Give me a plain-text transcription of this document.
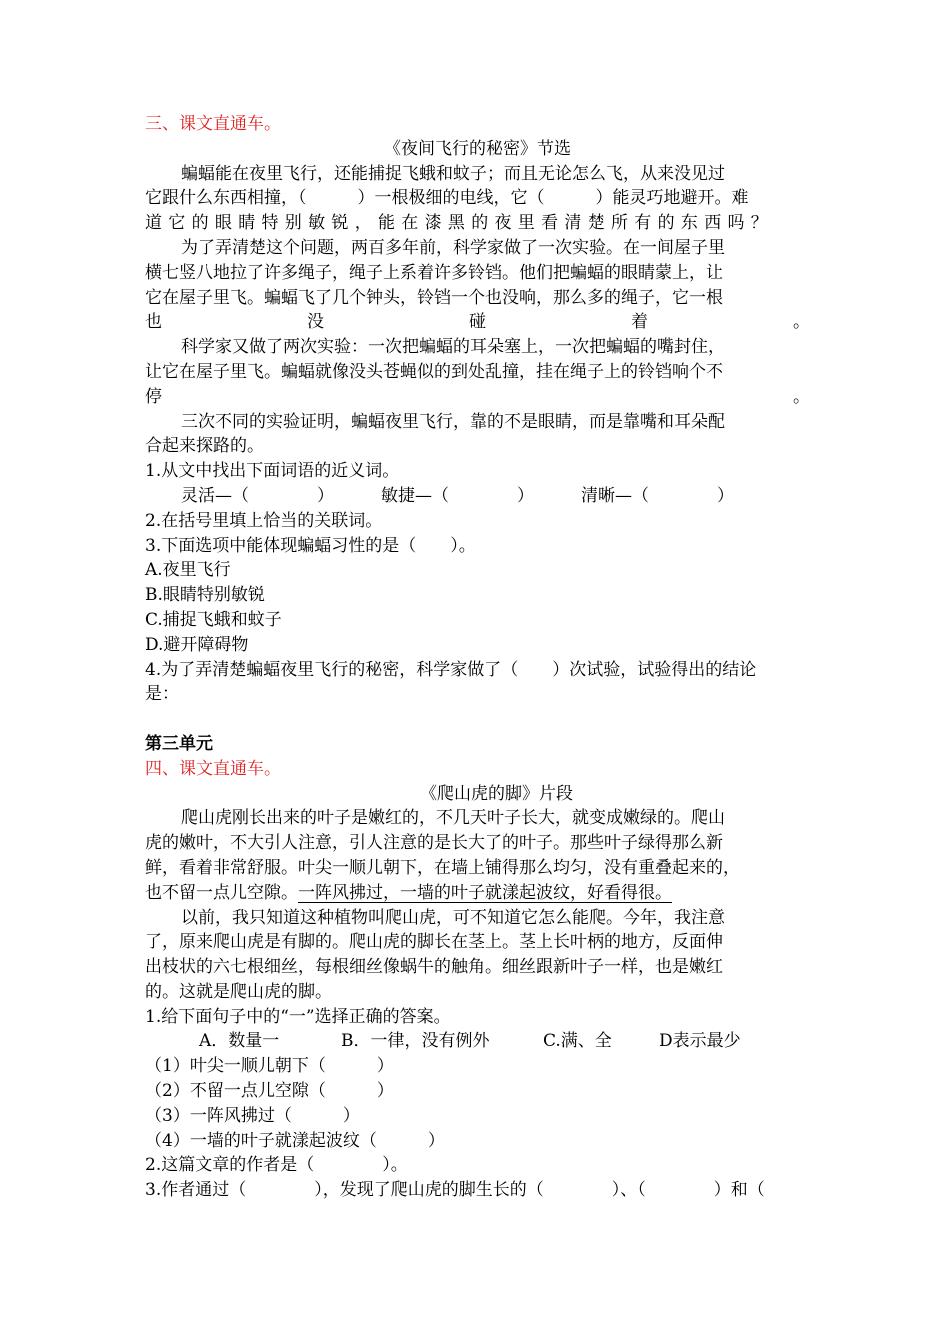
三、课文直通车。
《夜间飞行的秘密》节选
蝙蝠能在夜里飞行，还能捕捉飞蛾和蚊子；而且无论怎么飞，从来没见过
它跟什么东西相撞，（　　　）一根极细的电线，它（　　　）能灵巧地避开。难
道它的眼睛特别敏锐，能在漆黑的夜里看清楚所有的东西吗？
为了弄清楚这个问题，两百多年前，科学家做了一次实验。在一间屋子里
横七竖八地拉了许多绳子，绳子上系着许多铃铛。他们把蝙蝠的眼睛蒙上，让
它在屋子里飞。蝙蝠飞了几个钟头，铃铛一个也没响，那么多的绳子，它一根
也	没	碰	着	。
科学家又做了两次实验：一次把蝙蝠的耳朵塞上，一次把蝙蝠的嘴封住，
让它在屋子里飞。蝙蝠就像没头苍蝇似的到处乱撞，挂在绳子上的铃铛响个不
停	。
三次不同的实验证明，蝙蝠夜里飞行，靠的不是眼睛，而是靠嘴和耳朵配
合起来探路的。
1.从文中找出下面词语的近义词。
灵活—（　　　　）	敏捷—（　　　　）	清晰—（　　　　）
2.在括号里填上恰当的关联词。
3.下面选项中能体现蝙蝠习性的是（　　）。
A.夜里飞行
B.眼睛特别敏锐
C.捕捉飞蛾和蚊子
D.避开障碍物
4.为了弄清楚蝙蝠夜里飞行的秘密，科学家做了（　　）次试验，试验得出的结论
是：
第三单元
四、课文直通车。
《爬山虎的脚》片段
爬山虎刚长出来的叶子是嫩红的，不几天叶子长大，就变成嫩绿的。爬山
虎的嫩叶，不大引人注意，引人注意的是长大了的叶子。那些叶子绿得那么新
鲜，看着非常舒服。叶尖一顺儿朝下，在墙上铺得那么均匀，没有重叠起来的，
也不留一点儿空隙。一阵风拂过，一墙的叶子就漾起波纹，好看得很。
以前，我只知道这种植物叫爬山虎，可不知道它怎么能爬。今年，我注意
了，原来爬山虎是有脚的。爬山虎的脚长在茎上。茎上长叶柄的地方，反面伸
出枝状的六七根细丝，每根细丝像蜗牛的触角。细丝跟新叶子一样，也是嫩红
的。这就是爬山虎的脚。
1.给下面句子中的“一”选择正确的答案。
A．数量一	B．一律，没有例外	C.满、全	D表示最少
（1）叶尖一顺儿朝下（　　　）
（2）不留一点儿空隙（　　　）
（3）一阵风拂过（　　　）
（4）一墙的叶子就漾起波纹（　　　）
2.这篇文章的作者是（　　　　）。
3.作者通过（　　　　），发现了爬山虎的脚生长的（　　　　）、（　　　　）和（
